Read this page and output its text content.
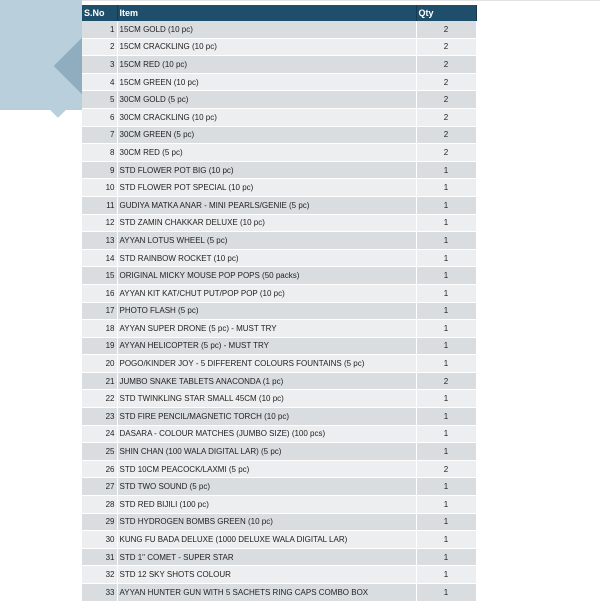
S.No	Item	Qty
1	15CM GOLD (10 pc)	2
2	15CM CRACKLING (10 pc)	2
3	15CM RED (10 pc)	2
4	15CM GREEN (10 pc)	2
5	30CM GOLD (5 pc)	2
6	30CM CRACKLING (10 pc)	2
7	30CM GREEN (5 pc)	2
8	30CM RED (5 pc)	2
9	STD FLOWER POT BIG (10 pc)	1
10	STD FLOWER POT SPECIAL (10 pc)	1
11	GUDIYA MATKA ANAR - MINI PEARLS/GENIE (5 pc)	1
12	STD ZAMIN CHAKKAR DELUXE (10 pc)	1
13	AYYAN LOTUS WHEEL (5 pc)	1
14	STD RAINBOW ROCKET (10 pc)	1
15	ORIGINAL MICKY MOUSE POP POPS (50 packs)	1
16	AYYAN KIT KAT/CHUT PUT/POP POP (10 pc)	1
17	PHOTO FLASH (5 pc)	1
18	AYYAN SUPER DRONE (5 pc) - MUST TRY	1
19	AYYAN HELICOPTER (5 pc) - MUST TRY	1
20	POGO/KINDER JOY - 5 DIFFERENT COLOURS FOUNTAINS (5 pc)	1
21	JUMBO SNAKE TABLETS ANACONDA (1 pc)	2
22	STD TWINKLING STAR SMALL 45CM (10 pc)	1
23	STD FIRE PENCIL/MAGNETIC TORCH (10 pc)	1
24	DASARA - COLOUR MATCHES (JUMBO SIZE) (100 pcs)	1
25	SHIN CHAN (100 WALA DIGITAL LAR) (5 pc)	1
26	STD 10CM PEACOCK/LAXMI (5 pc)	2
27	STD TWO SOUND (5 pc)	1
28	STD RED BIJILI (100 pc)	1
29	STD HYDROGEN BOMBS GREEN (10 pc)	1
30	KUNG FU BADA DELUXE (1000 DELUXE WALA DIGITAL LAR)	1
31	STD 1" COMET - SUPER STAR	1
32	STD 12 SKY SHOTS COLOUR	1
33	AYYAN HUNTER GUN WITH 5 SACHETS RING CAPS COMBO BOX	1
